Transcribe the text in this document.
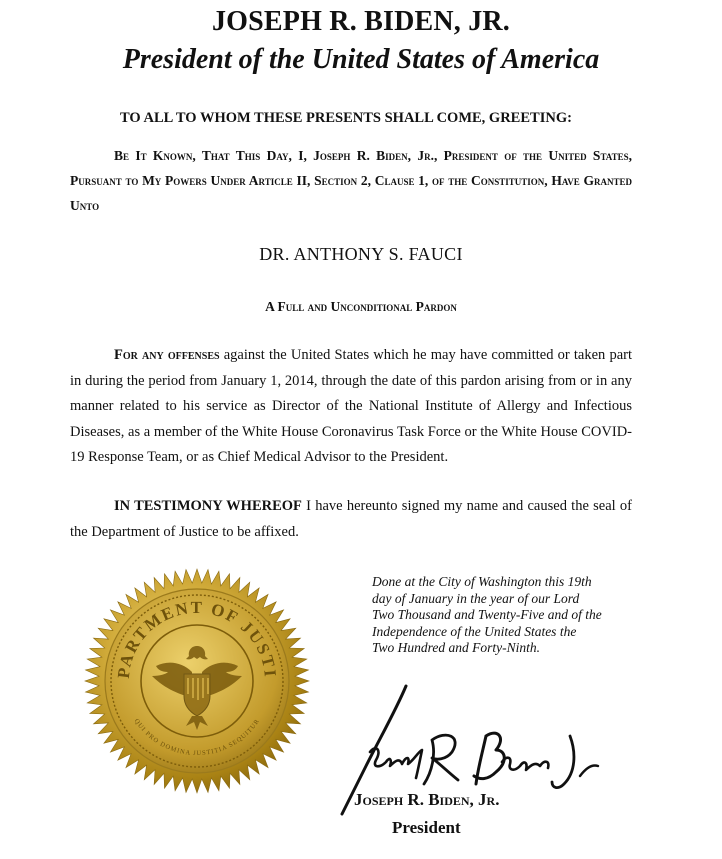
JOSEPH R. BIDEN, JR.
President of the United States of America
TO ALL TO WHOM THESE PRESENTS SHALL COME, GREETING:
Be It Known, That This Day, I, Joseph R. Biden, Jr., President of the United States, Pursuant to My Powers Under Article II, Section 2, Clause 1, of the Constitution, Have Granted Unto
DR. ANTHONY S. FAUCI
A Full and Unconditional Pardon
For any offenses against the United States which he may have committed or taken part in during the period from January 1, 2014, through the date of this pardon arising from or in any manner related to his service as Director of the National Institute of Allergy and Infectious Diseases, as a member of the White House Coronavirus Task Force or the White House COVID-19 Response Team, or as Chief Medical Advisor to the President.
IN TESTIMONY WHEREOF I have hereunto signed my name and caused the seal of the Department of Justice to be affixed.
Done at the City of Washington this 19th
day of January in the year of our Lord
Two Thousand and Twenty-Five and of the
Independence of the United States the
Two Hundred and Forty-Ninth.
PARTMENT OF JUSTI
QUI PRO DOMINA JUSTITIA SEQUITUR
Joseph R. Biden, Jr.
President
